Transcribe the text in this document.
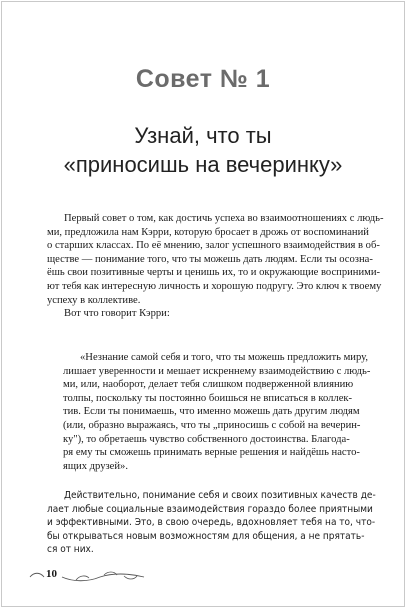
Совет № 1
Узнай, что ты
«приносишь на вечеринку»
Первый совет о том, как достичь успеха во взаимоотношениях с людь-
ми, предложила нам Кэрри, которую бросает в дрожь от воспоминаний
о старших классах. По её мнению, залог успешного взаимодействия в об-
ществе — понимание того, что ты можешь дать людям. Если ты осозна-
ёшь свои позитивные черты и ценишь их, то и окружающие восприними-
ют тебя как интересную личность и хорошую подругу. Это ключ к твоему
успеху в коллективе.
Вот что говорит Кэрри:
«Незнание самой себя и того, что ты можешь предложить миру,
лишает уверенности и мешает искреннему взаимодействию с людь-
ми, или, наоборот, делает тебя слишком подверженной влиянию
толпы, поскольку ты постоянно боишься не вписаться в коллек-
тив. Если ты понимаешь, что именно можешь дать другим людям
(или, образно выражаясь, что ты „приносишь с собой на вечерин-
ку"), то обретаешь чувство собственного достоинства. Благода-
ря ему ты сможешь принимать верные решения и найдёшь насто-
ящих друзей».
Действительно, понимание себя и своих позитивных качеств де-
лает любые социальные взаимодействия гораздо более приятными
и эффективными. Это, в свою очередь, вдохновляет тебя на то, что-
бы открываться новым возможностям для общения, а не прятать-
ся от них.
10
